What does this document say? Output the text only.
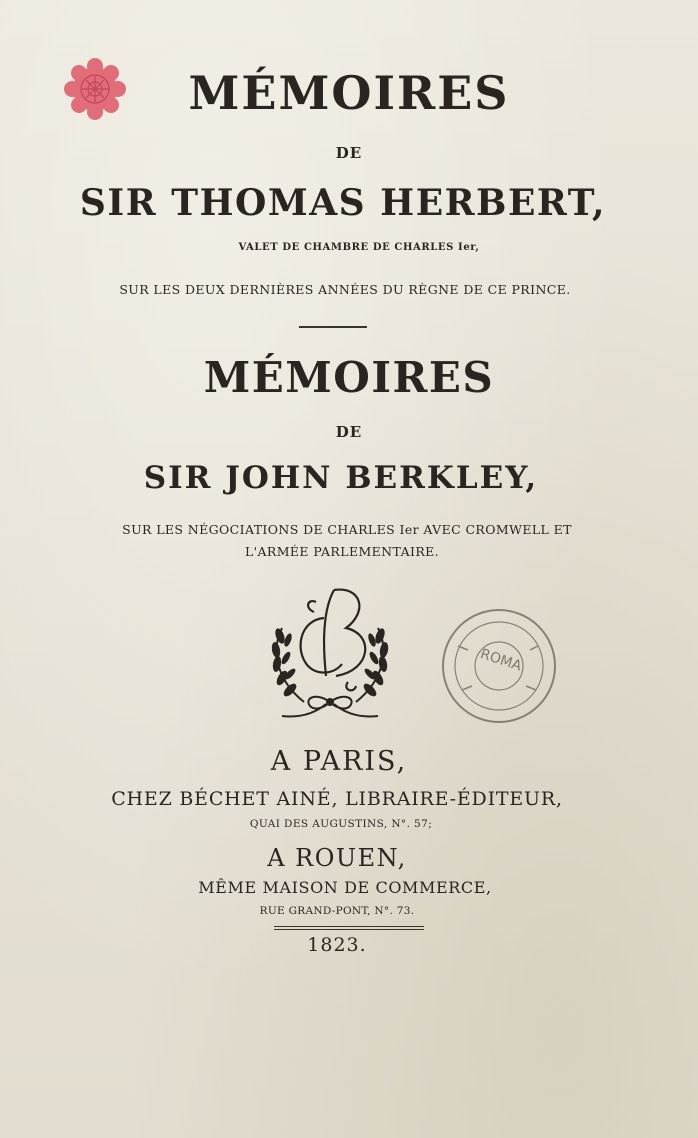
MÉMOIRES
DE
SIR THOMAS HERBERT,
VALET DE CHAMBRE DE CHARLES Ier,
SUR LES DEUX DERNIÈRES ANNÉES DU RÈGNE DE CE PRINCE.
MÉMOIRES
DE
SIR JOHN BERKLEY,
SUR LES NÉGOCIATIONS DE CHARLES Ier AVEC CROMWELL ET
L'ARMÉE PARLEMENTAIRE.
ROMA
A PARIS,
CHEZ BÉCHET AINÉ, LIBRAIRE-ÉDITEUR,
QUAI DES AUGUSTINS, N°. 57;
A ROUEN,
MÊME MAISON DE COMMERCE,
RUE GRAND-PONT, N°. 73.
1823.
